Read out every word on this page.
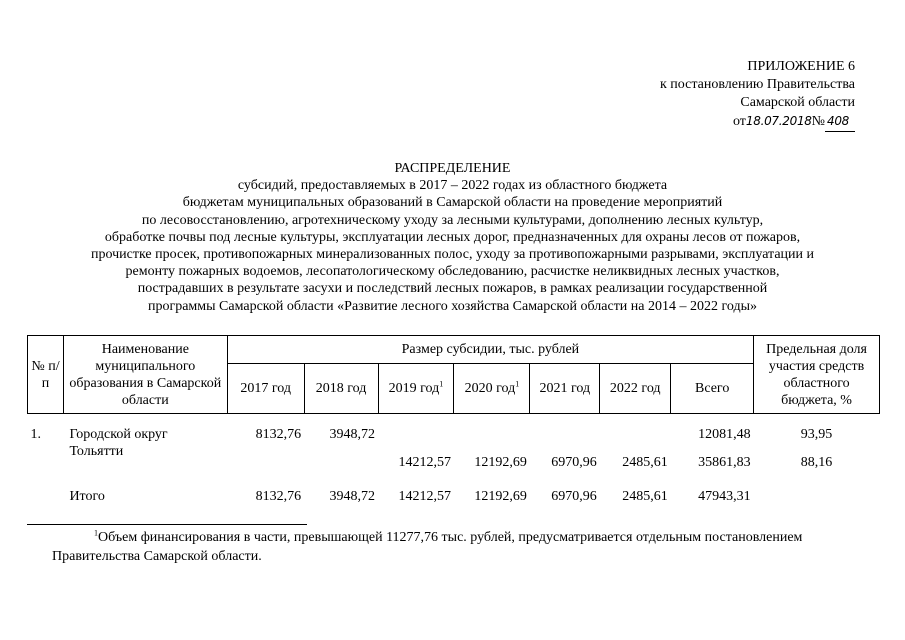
ПРИЛОЖЕНИЕ 6
к постановлению Правительства
Самарской области
от18.07.2018№ 408
РАСПРЕДЕЛЕНИЕ
субсидий, предоставляемых в 2017 – 2022 годах из областного бюджета
бюджетам муниципальных образований в Самарской области на проведение мероприятий
по лесовосстановлению, агротехническому уходу за лесными культурами, дополнению лесных культур,
обработке почвы под лесные культуры, эксплуатации лесных дорог, предназначенных для охраны лесов от пожаров,
прочистке просек, противопожарных минерализованных полос, уходу за противопожарными разрывами, эксплуатации и
ремонту пожарных водоемов, лесопатологическому обследованию, расчистке неликвидных лесных участков,
пострадавших в результате засухи и последствий лесных пожаров, в рамках реализации государственной
программы Самарской области «Развитие лесного хозяйства Самарской области на 2014 – 2022 годы»
№ п/п	Наименование муниципального образования в Самарской области	Размер субсидии, тыс. рублей							Предельная доля участия средств областного бюджета, %
		2017 год	2018 год	2019 год$^1$	2020 год$^1$	2021 год	2022 год	Всего	
1.	Городской округ Тольятти	8132,76	3948,72					12081,48	93,95
				14212,57	12192,69	6970,96	2485,61	35861,83	88,16
	Итого	8132,76	3948,72	14212,57	12192,69	6970,96	2485,61	47943,31	
$^1$Объем финансирования в части, превышающей 11277,76 тыс. рублей, предусматривается отдельным постановлением Правительства Самарской области.
